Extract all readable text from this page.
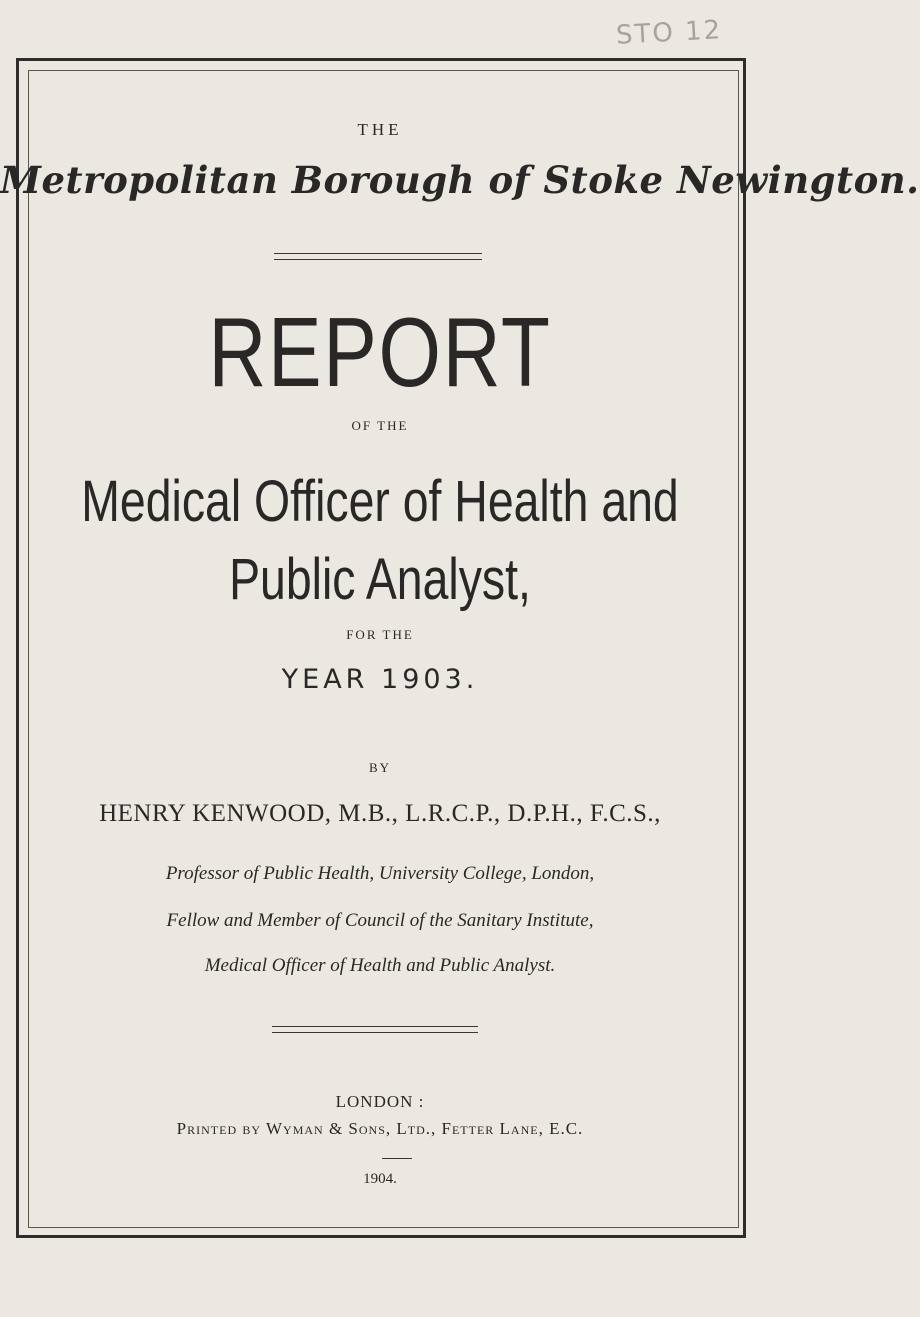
STO 12
THE
Metropolitan Borough of Stoke Newington.
REPORT
OF THE
Medical Officer of Health and
Public Analyst,
FOR THE
YEAR 1903.
BY
HENRY KENWOOD, M.B., L.R.C.P., D.P.H., F.C.S.,
Professor of Public Health, University College, London,
Fellow and Member of Council of the Sanitary Institute,
Medical Officer of Health and Public Analyst.
LONDON :
Printed by Wyman & Sons, Ltd., Fetter Lane, E.C.
1904.
